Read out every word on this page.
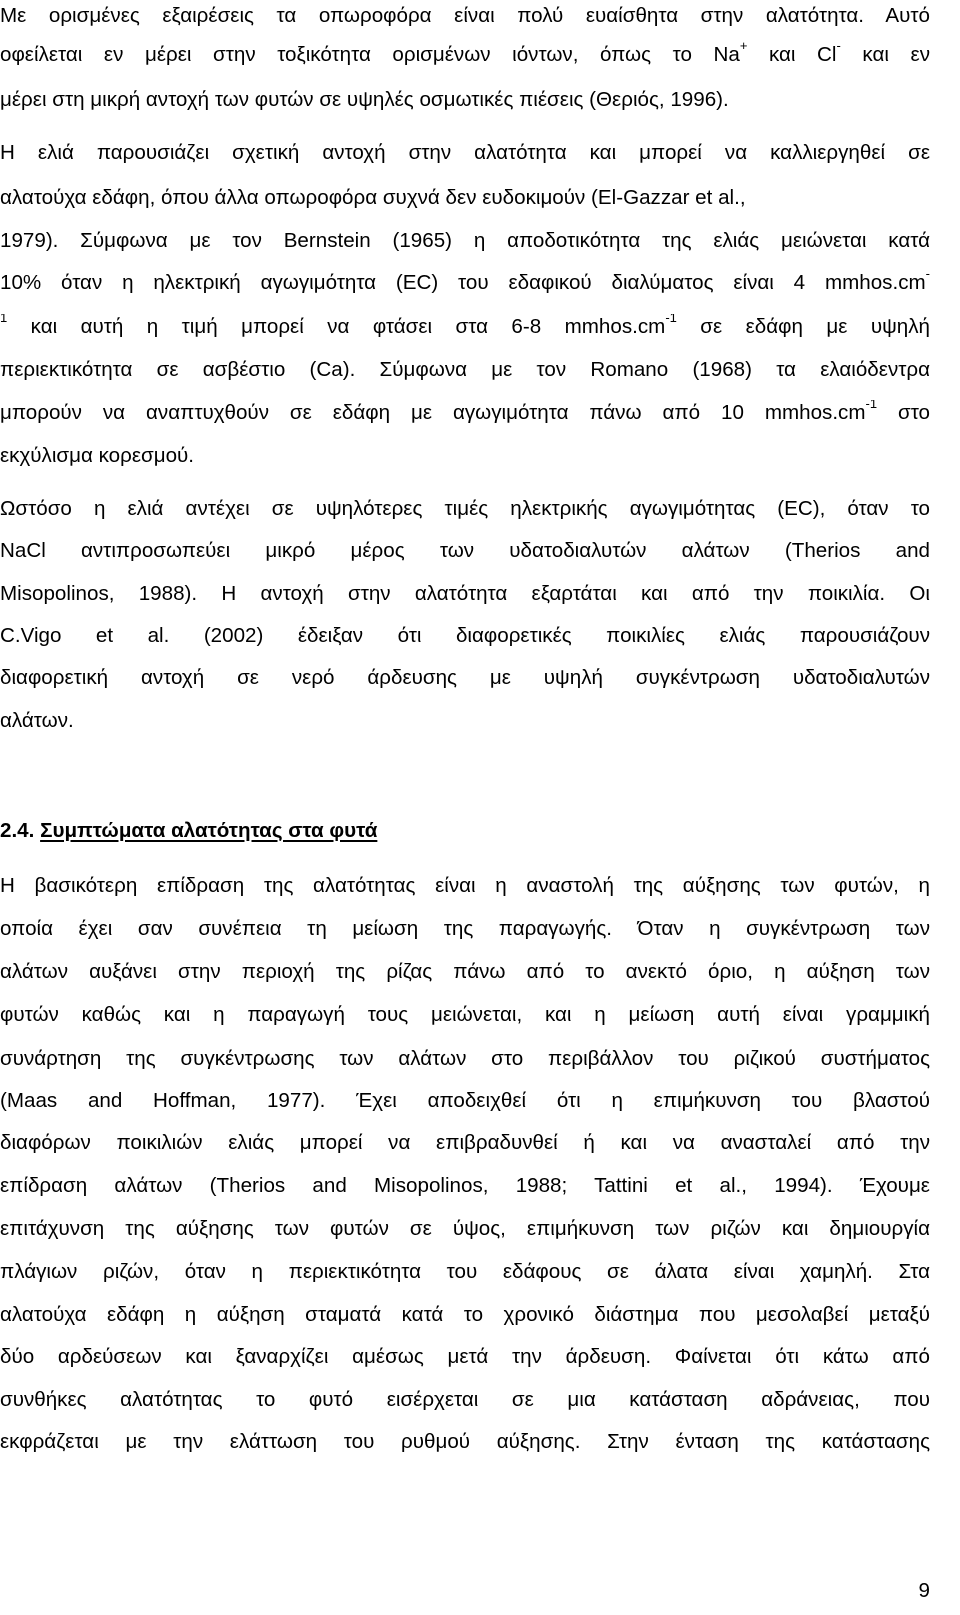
Με ορισμένες εξαιρέσεις τα οπωροφόρα είναι πολύ ευαίσθητα στην αλατότητα. Αυτό
οφείλεται εν μέρει στην τοξικότητα ορισμένων ιόντων, όπως το Na+ και Cl- και εν
μέρει στη μικρή αντοχή των φυτών σε υψηλές οσμωτικές πιέσεις (Θεριός, 1996).
Η ελιά παρουσιάζει σχετική αντοχή στην αλατότητα και μπορεί να καλλιεργηθεί σε
αλατούχα εδάφη, όπου άλλα οπωροφόρα συχνά δεν ευδοκιμούν (El-Gazzar et al.,
1979). Σύμφωνα με τον Bernstein (1965) η αποδοτικότητα της ελιάς μειώνεται κατά
10% όταν η ηλεκτρική αγωγιμότητα (EC) του εδαφικού διαλύματος είναι 4 mmhos.cm-
$^1$ και αυτή η τιμή μπορεί να φτάσει στα 6-8 $mmhos.cm^{-1}$ σε εδάφη με υψηλή
περιεκτικότητα σε ασβέστιο (Ca). Σύμφωνα με τον Romano (1968) τα ελαιόδεντρα
μπορούν να αναπτυχθούν σε εδάφη με αγωγιμότητα πάνω από 10 $mmhos.cm^{-1}$ στο
εκχύλισμα κορεσμού.
Ωστόσο η ελιά αντέχει σε υψηλότερες τιμές ηλεκτρικής αγωγιμότητας (EC), όταν το
NaCl αντιπροσωπεύει μικρό μέρος των υδατοδιαλυτών αλάτων (Therios and
Misopolinos, 1988). Η αντοχή στην αλατότητα εξαρτάται και από την ποικιλία. Οι
C.Vigo et al. (2002) έδειξαν ότι διαφορετικές ποικιλίες ελιάς παρουσιάζουν
διαφορετική αντοχή σε νερό άρδευσης με υψηλή συγκέντρωση υδατοδιαλυτών
αλάτων.
2.4. Συμπτώματα αλατότητας στα φυτά
Η βασικότερη επίδραση της αλατότητας είναι η αναστολή της αύξησης των φυτών, η
οποία έχει σαν συνέπεια τη μείωση της παραγωγής. Όταν η συγκέντρωση των
αλάτων αυξάνει στην περιοχή της ρίζας πάνω από το ανεκτό όριο, η αύξηση των
φυτών καθώς και η παραγωγή τους μειώνεται, και η μείωση αυτή είναι γραμμική
συνάρτηση της συγκέντρωσης των αλάτων στο περιβάλλον του ριζικού συστήματος
(Maas and Hoffman, 1977). Έχει αποδειχθεί ότι η επιμήκυνση του βλαστού
διαφόρων ποικιλιών ελιάς μπορεί να επιβραδυνθεί ή και να ανασταλεί από την
επίδραση αλάτων (Therios and Misopolinos, 1988; Tattini et al., 1994). Έχουμε
επιτάχυνση της αύξησης των φυτών σε ύψος, επιμήκυνση των ριζών και δημιουργία
πλάγιων ριζών, όταν η περιεκτικότητα του εδάφους σε άλατα είναι χαμηλή. Στα
αλατούχα εδάφη η αύξηση σταματά κατά το χρονικό διάστημα που μεσολαβεί μεταξύ
δύο αρδεύσεων και ξαναρχίζει αμέσως μετά την άρδευση. Φαίνεται ότι κάτω από
συνθήκες αλατότητας το φυτό εισέρχεται σε μια κατάσταση αδράνειας, που
εκφράζεται με την ελάττωση του ρυθμού αύξησης. Στην ένταση της κατάστασης
9
